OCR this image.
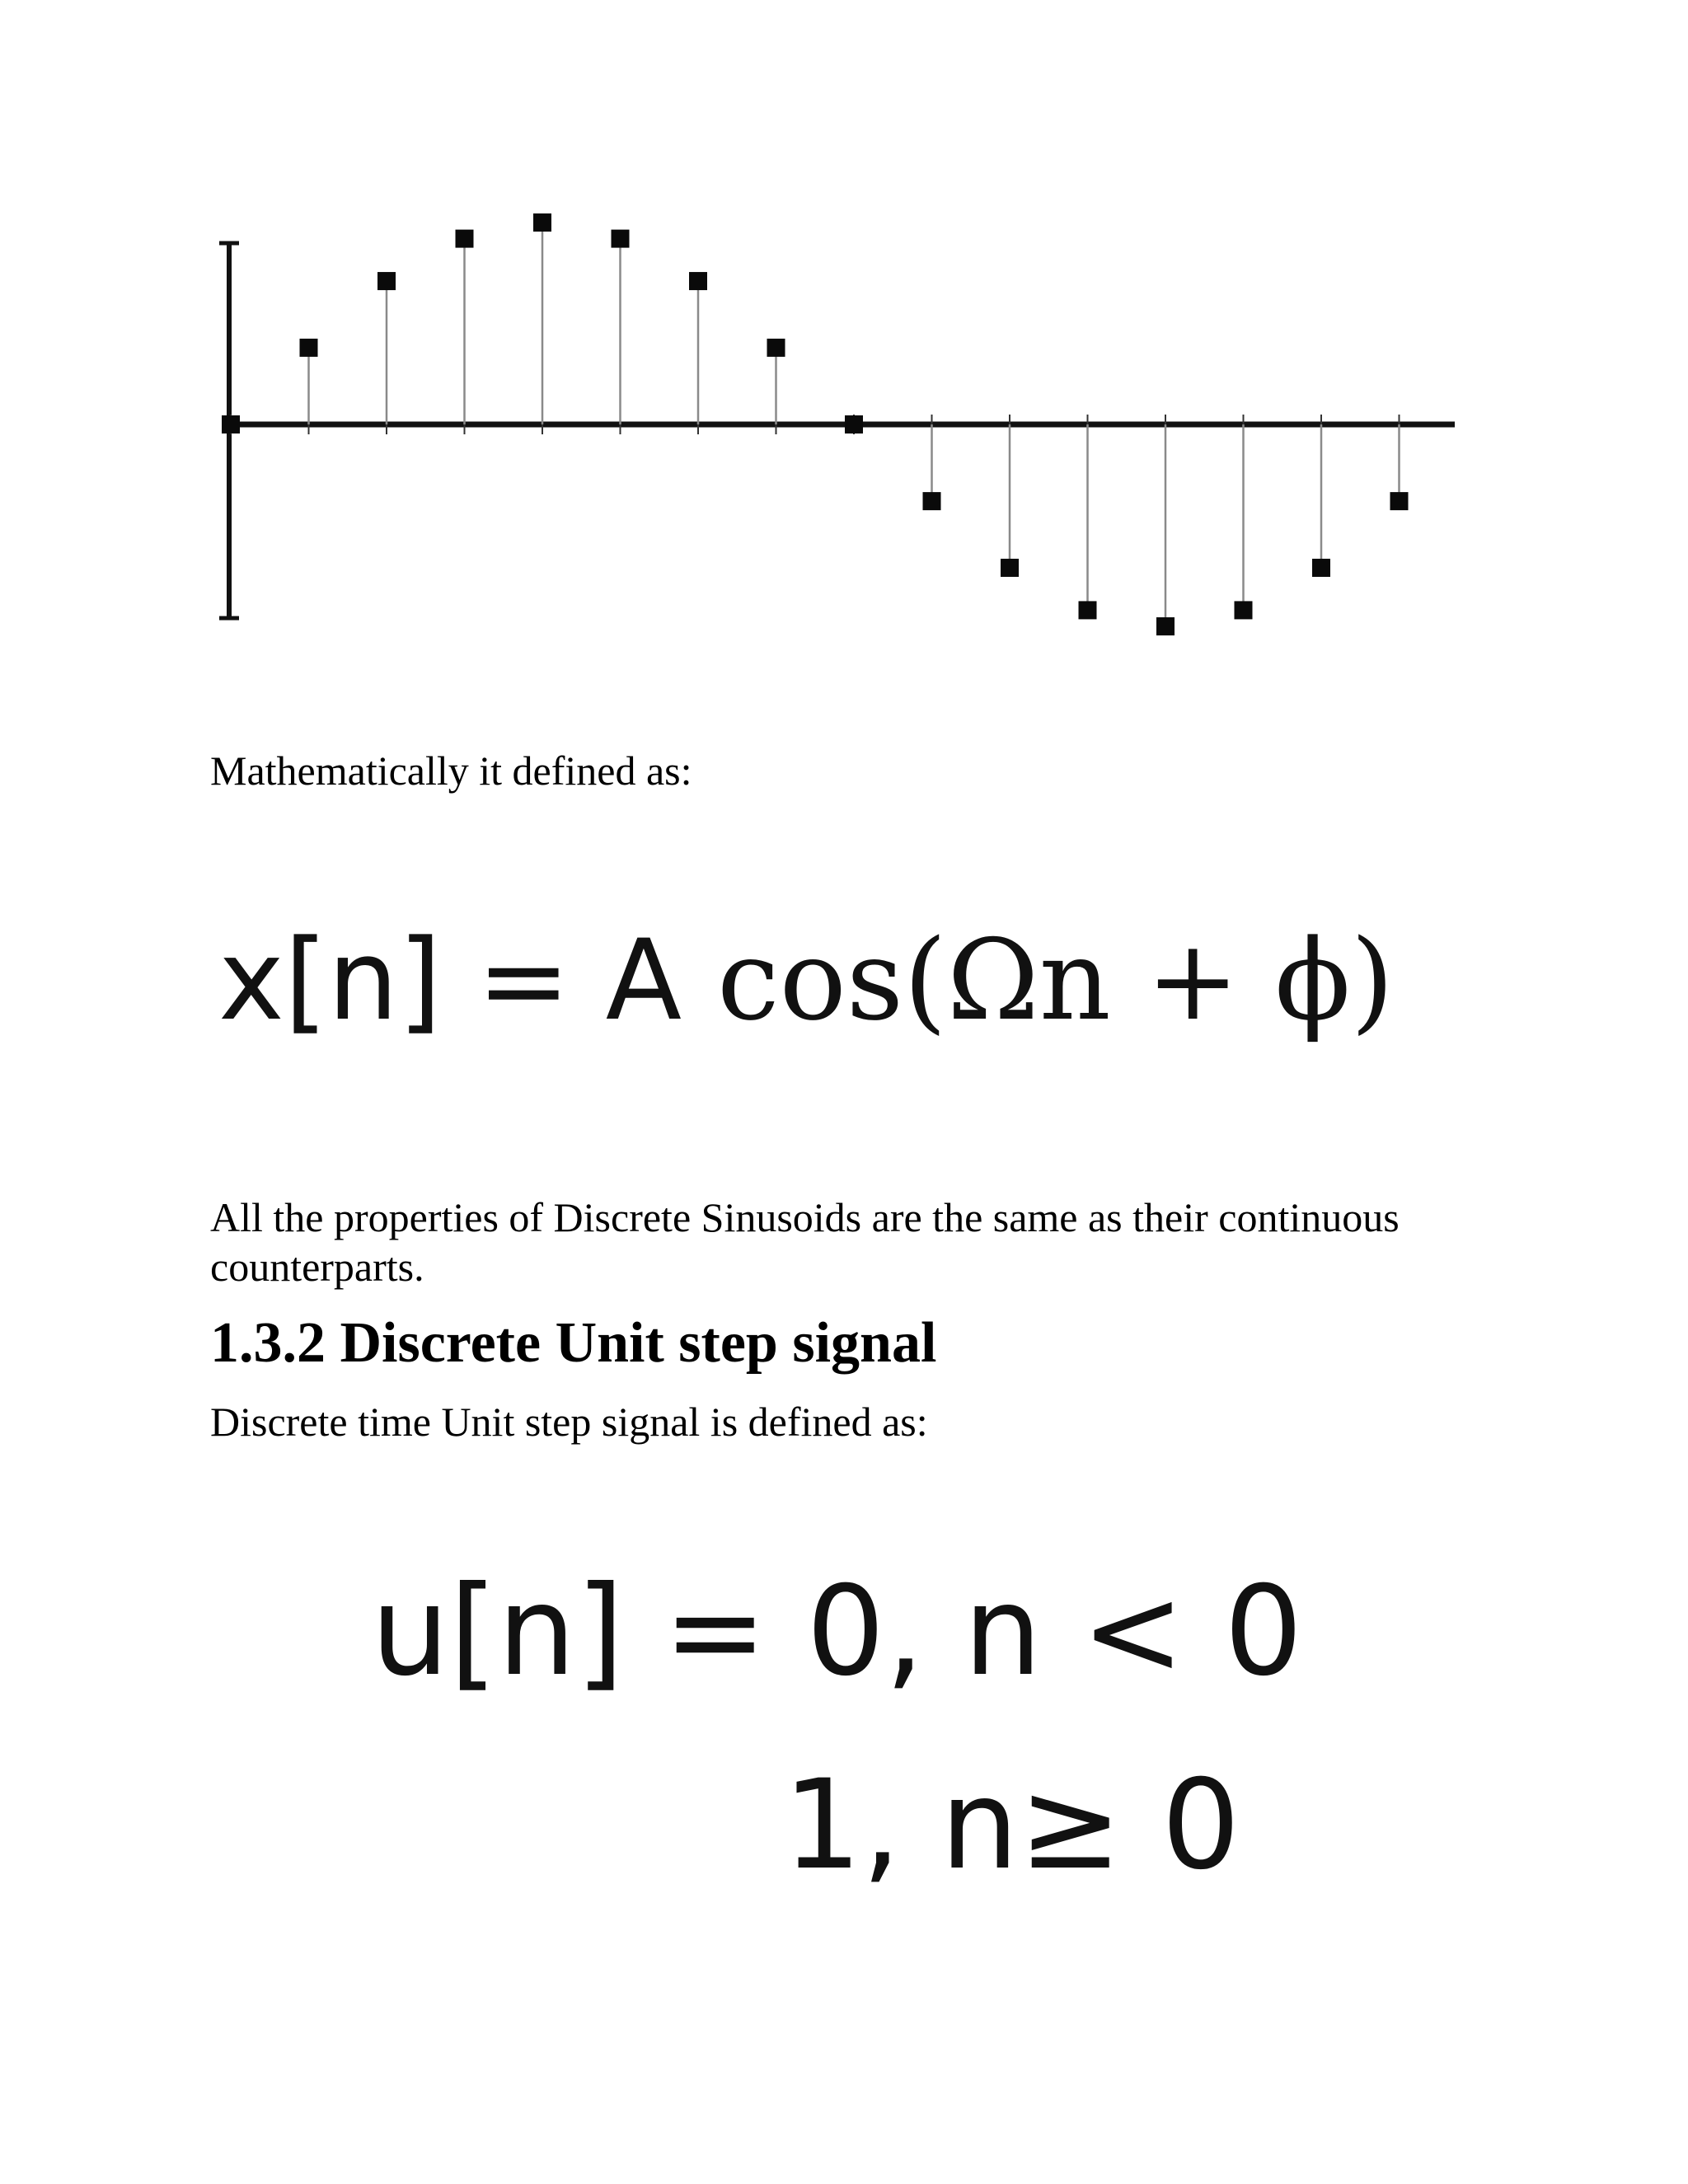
Mathematically it defined as:

x[n] = A cos(Ωn + ϕ)

All the properties of Discrete Sinusoids are the same as their continuous counterparts.

1.3.2 Discrete Unit step signal

Discrete time Unit step signal is defined as:

u[n] = 0, n < 0
1, n≥ 0
